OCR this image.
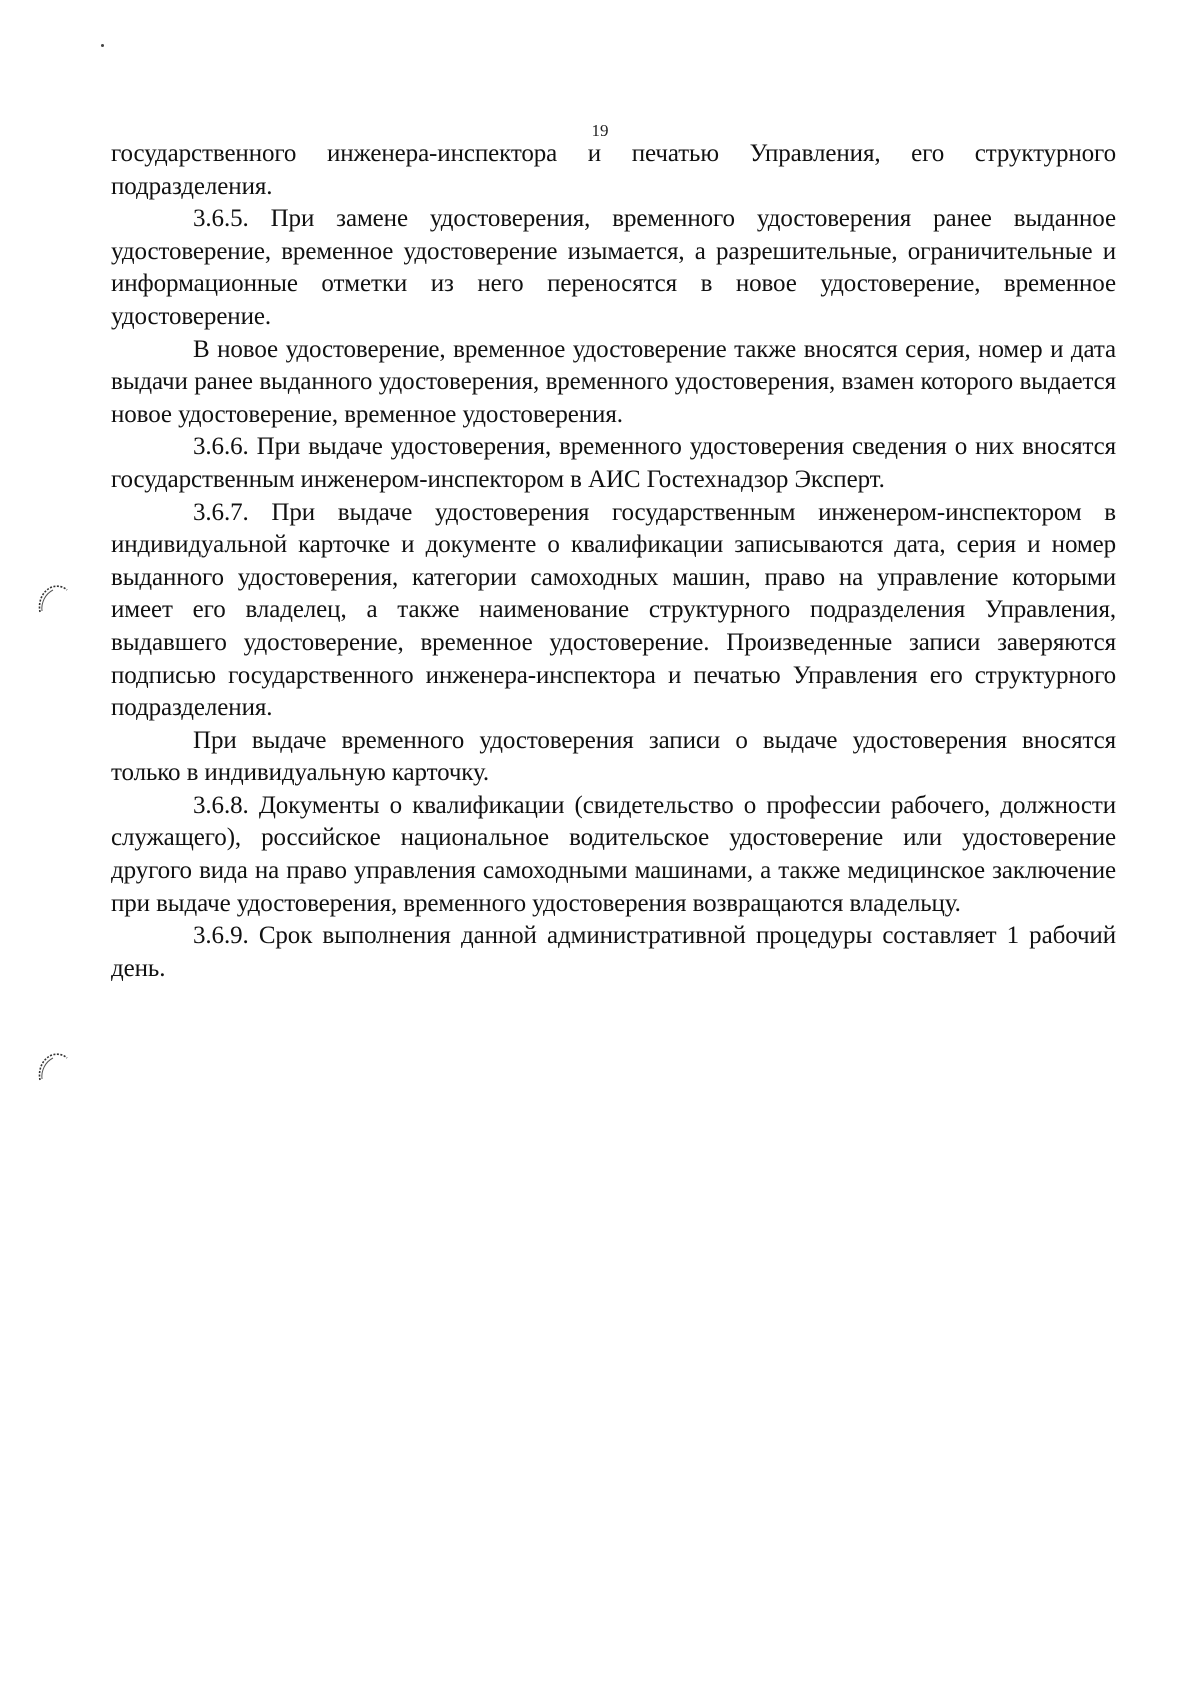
19

государственного инженера-инспектора и печатью Управления, его структурного подразделения.

3.6.5. При замене удостоверения, временного удостоверения ранее выданное удостоверение, временное удостоверение изымается, а разрешительные, ограничительные и информационные отметки из него переносятся в новое удостоверение, временное удостоверение.

В новое удостоверение, временное удостоверение также вносятся серия, номер и дата выдачи ранее выданного удостоверения, временного удостоверения, взамен которого выдается новое удостоверение, временное удостоверения.

3.6.6. При выдаче удостоверения, временного удостоверения сведения о них вносятся государственным инженером-инспектором в АИС Гостехнадзор Эксперт.

3.6.7. При выдаче удостоверения государственным инженером-инспектором в индивидуальной карточке и документе о квалификации записываются дата, серия и номер выданного удостоверения, категории самоходных машин, право на управление которыми имеет его владелец, а также наименование структурного подразделения Управления, выдавшего удостоверение, временное удостоверение. Произведенные записи заверяются подписью государственного инженера-инспектора и печатью Управления его структурного подразделения.

При выдаче временного удостоверения записи о выдаче удостоверения вносятся только в индивидуальную карточку.

3.6.8. Документы о квалификации (свидетельство о профессии рабочего, должности служащего), российское национальное водительское удостоверение или удостоверение другого вида на право управления самоходными машинами, а также медицинское заключение при выдаче удостоверения, временного удостоверения возвращаются владельцу.

3.6.9. Срок выполнения данной административной процедуры составляет 1 рабочий день.
